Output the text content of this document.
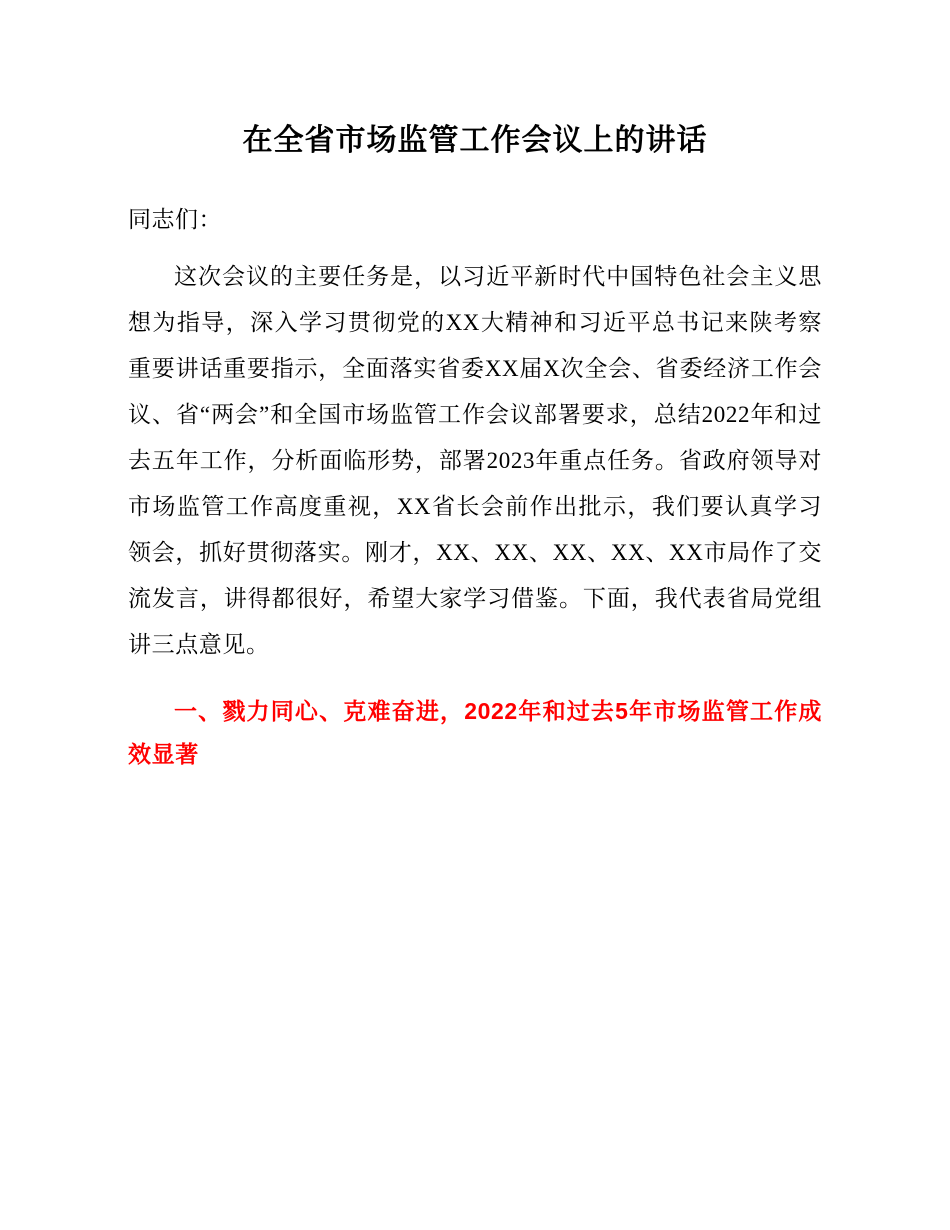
在全省市场监管工作会议上的讲话

同志们：

这次会议的主要任务是，以习近平新时代中国特色社会主义思想为指导，深入学习贯彻党的XX大精神和习近平总书记来陕考察重要讲话重要指示，全面落实省委XX届X次全会、省委经济工作会议、省“两会”和全国市场监管工作会议部署要求，总结2022年和过去五年工作，分析面临形势，部署2023年重点任务。省政府领导对市场监管工作高度重视，XX省长会前作出批示，我们要认真学习领会，抓好贯彻落实。刚才，XX、XX、XX、XX、XX市局作了交流发言，讲得都很好，希望大家学习借鉴。下面，我代表省局党组讲三点意见。

一、戮力同心、克难奋进，2022年和过去5年市场监管工作成效显著
